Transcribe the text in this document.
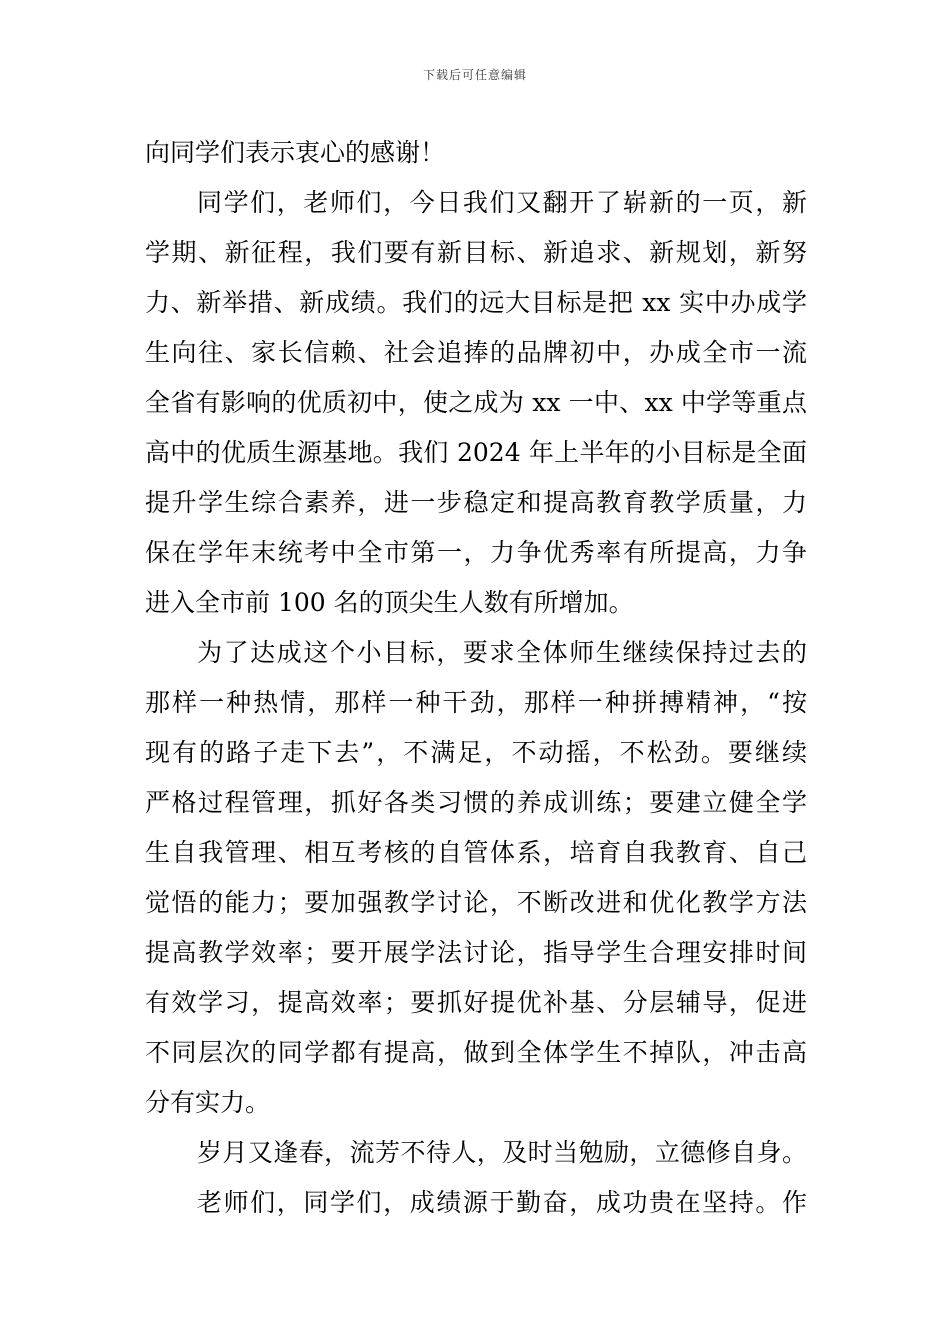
下载后可任意编辑
向同学们表示衷心的感谢！
同学们，老师们，今日我们又翻开了崭新的一页，新
学期、新征程，我们要有新目标、新追求、新规划，新努
力、新举措、新成绩。我们的远大目标是把 xx 实中办成学
生向往、家长信赖、社会追捧的品牌初中，办成全市一流
全省有影响的优质初中，使之成为 xx 一中、xx 中学等重点
高中的优质生源基地。我们 2024 年上半年的小目标是全面
提升学生综合素养，进一步稳定和提高教育教学质量，力
保在学年末统考中全市第一，力争优秀率有所提高，力争
进入全市前 100 名的顶尖生人数有所增加。
为了达成这个小目标，要求全体师生继续保持过去的
那样一种热情，那样一种干劲，那样一种拼搏精神，“按
现有的路子走下去”，不满足，不动摇，不松劲。要继续
严格过程管理，抓好各类习惯的养成训练；要建立健全学
生自我管理、相互考核的自管体系，培育自我教育、自己
觉悟的能力；要加强教学讨论，不断改进和优化教学方法
提高教学效率；要开展学法讨论，指导学生合理安排时间
有效学习，提高效率；要抓好提优补基、分层辅导，促进
不同层次的同学都有提高，做到全体学生不掉队，冲击高
分有实力。
岁月又逢春，流芳不待人，及时当勉励，立德修自身。
老师们，同学们，成绩源于勤奋，成功贵在坚持。作
